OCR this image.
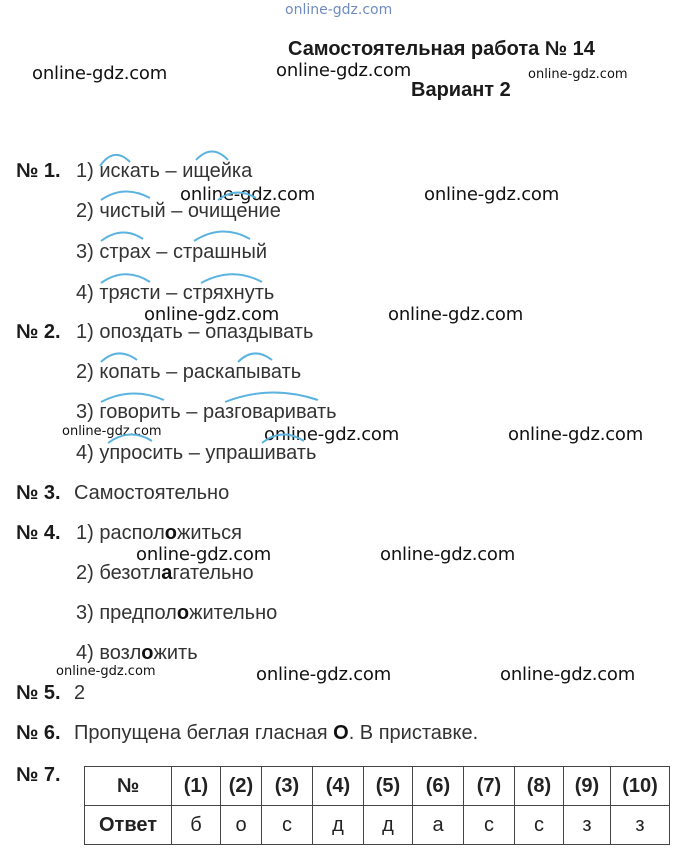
online-gdz.com
Самостоятельная работа № 14
Вариант 2
online-gdz.com	online-gdz.com	online-gdz.com
online-gdz.com	online-gdz.com
online-gdz.com	online-gdz.com
online-gdz.com	online-gdz.com	online-gdz.com
online-gdz.com	online-gdz.com
online-gdz.com	online-gdz.com	online-gdz.com
№ 1. 1) искать – ищейка
2) чистый – очищение
3) страх – страшный
4) трясти – стряхнуть
№ 2. 1) опоздать – опаздывать
2) копать – раскапывать
3) говорить – разговаривать
4) упросить – упрашивать
№ 3. Самостоятельно
№ 4. 1) расположиться
2) безотлагательно
3) предположительно
4) возложить
№ 5. 2
№ 6. Пропущена беглая гласная О. В приставке.
№ 7.	№	(1)	(2)	(3)	(4)	(5)	(6)	(7)	(8)	(9)	(10)
Ответ	б	о	с	д	д	а	с	с	з	з
